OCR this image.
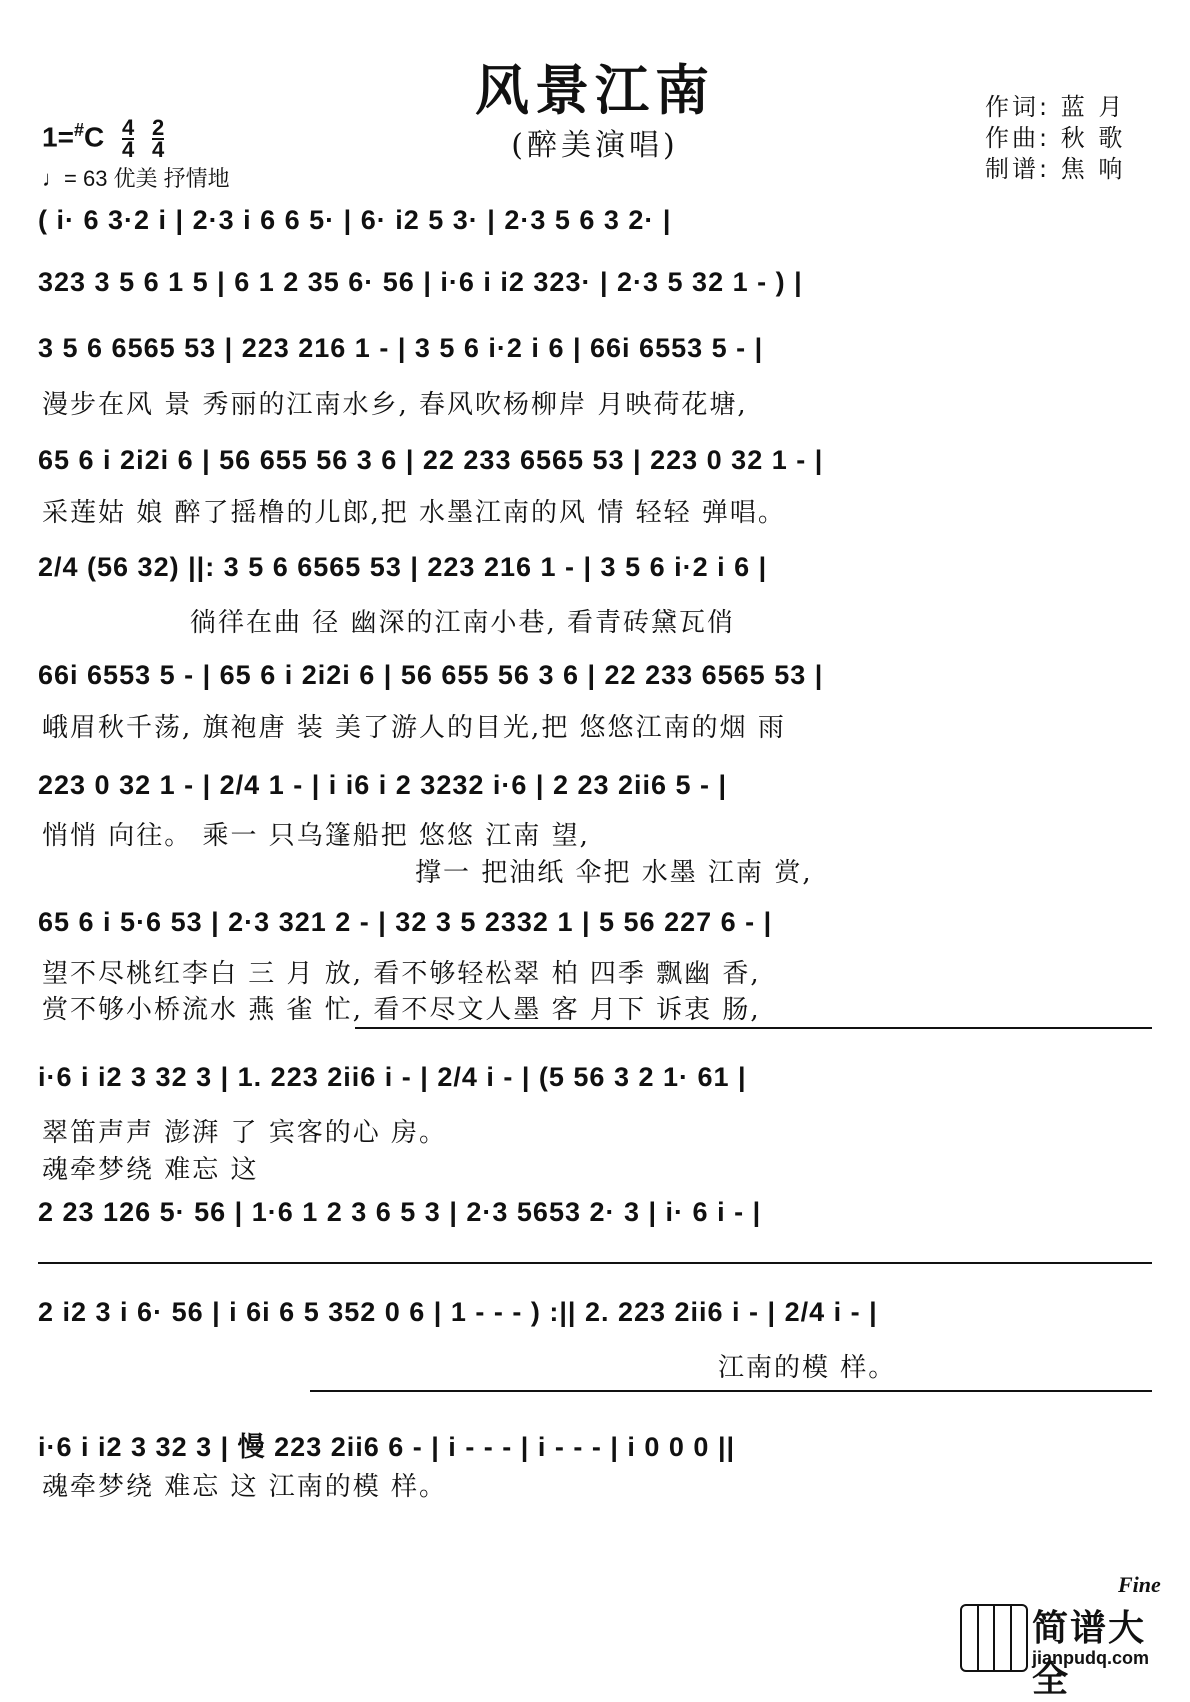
风景江南
(醉美演唱)
$1=^{\#}C \frac{4}{4}$
$\frac{2}{4}$
♩= 63 优美 抒情地
作词: 蓝 月
作曲: 秋 歌
制谱: 焦 响
( i· 6 3·2 i | 2·3 i 6 6 5· | 6· i2 5 3· | 2·3 5 6 3 2· |
323 3 5 6 1 5 | 6 1 2 35 6· 56 | i·6 i i2 323· | 2·3 5 32 1 - ) |
3 5 6 6565 53 | 223 216 1 - | 3 5 6 i·2 i 6 | 66i 6553 5 - |
漫步在风 景 秀丽的江南水乡, 春风吹杨柳岸 月映荷花塘,
65 6 i 2i2i 6 | 56 655 56 3 6 | 22 233 6565 53 | 223 0 32 1 - |
采莲姑 娘 醉了摇橹的儿郎,把 水墨江南的风 情 轻轻 弹唱。
2/4 (56 32) ||: 3 5 6 6565 53 | 223 216 1 - | 3 5 6 i·2 i 6 |
徜徉在曲 径 幽深的江南小巷, 看青砖黛瓦俏
66i 6553 5 - | 65 6 i 2i2i 6 | 56 655 56 3 6 | 22 233 6565 53 |
峨眉秋千荡, 旗袍唐 装 美了游人的目光,把 悠悠江南的烟 雨
223 0 32 1 - | 2/4 1 - | i i6 i 2 3232 i·6 | 2 23 2ii6 5 - |
悄悄 向往。 乘一 只乌篷船把 悠悠 江南 望,
撑一 把油纸 伞把 水墨 江南 赏,
65 6 i 5·6 53 | 2·3 321 2 - | 32 3 5 2332 1 | 5 56 227 6 - |
望不尽桃红李白 三 月 放, 看不够轻松翠 柏 四季 飘幽 香,
赏不够小桥流水 燕 雀 忙, 看不尽文人墨 客 月下 诉衷 肠,
i·6 i i2 3 32 3 | 1. 223 2ii6 i - | 2/4 i - | (5 56 3 2 1· 61 |
翠笛声声 澎湃 了 宾客的心 房。
魂牵梦绕 难忘 这
2 23 126 5· 56 | 1·6 1 2 3 6 5 3 | 2·3 5653 2· 3 | i· 6 i - |
2 i2 3 i 6· 56 | i 6i 6 5 352 0 6 | 1 - - - ) :|| 2. 223 2ii6 i - | 2/4 i - |
江南的模 样。
i·6 i i2 3 32 3 | 慢 223 2ii6 6 - | i - - - | i - - - | i 0 0 0 ||
魂牵梦绕 难忘 这 江南的模 样。
Fine
简谱大全
jianpudq.com
